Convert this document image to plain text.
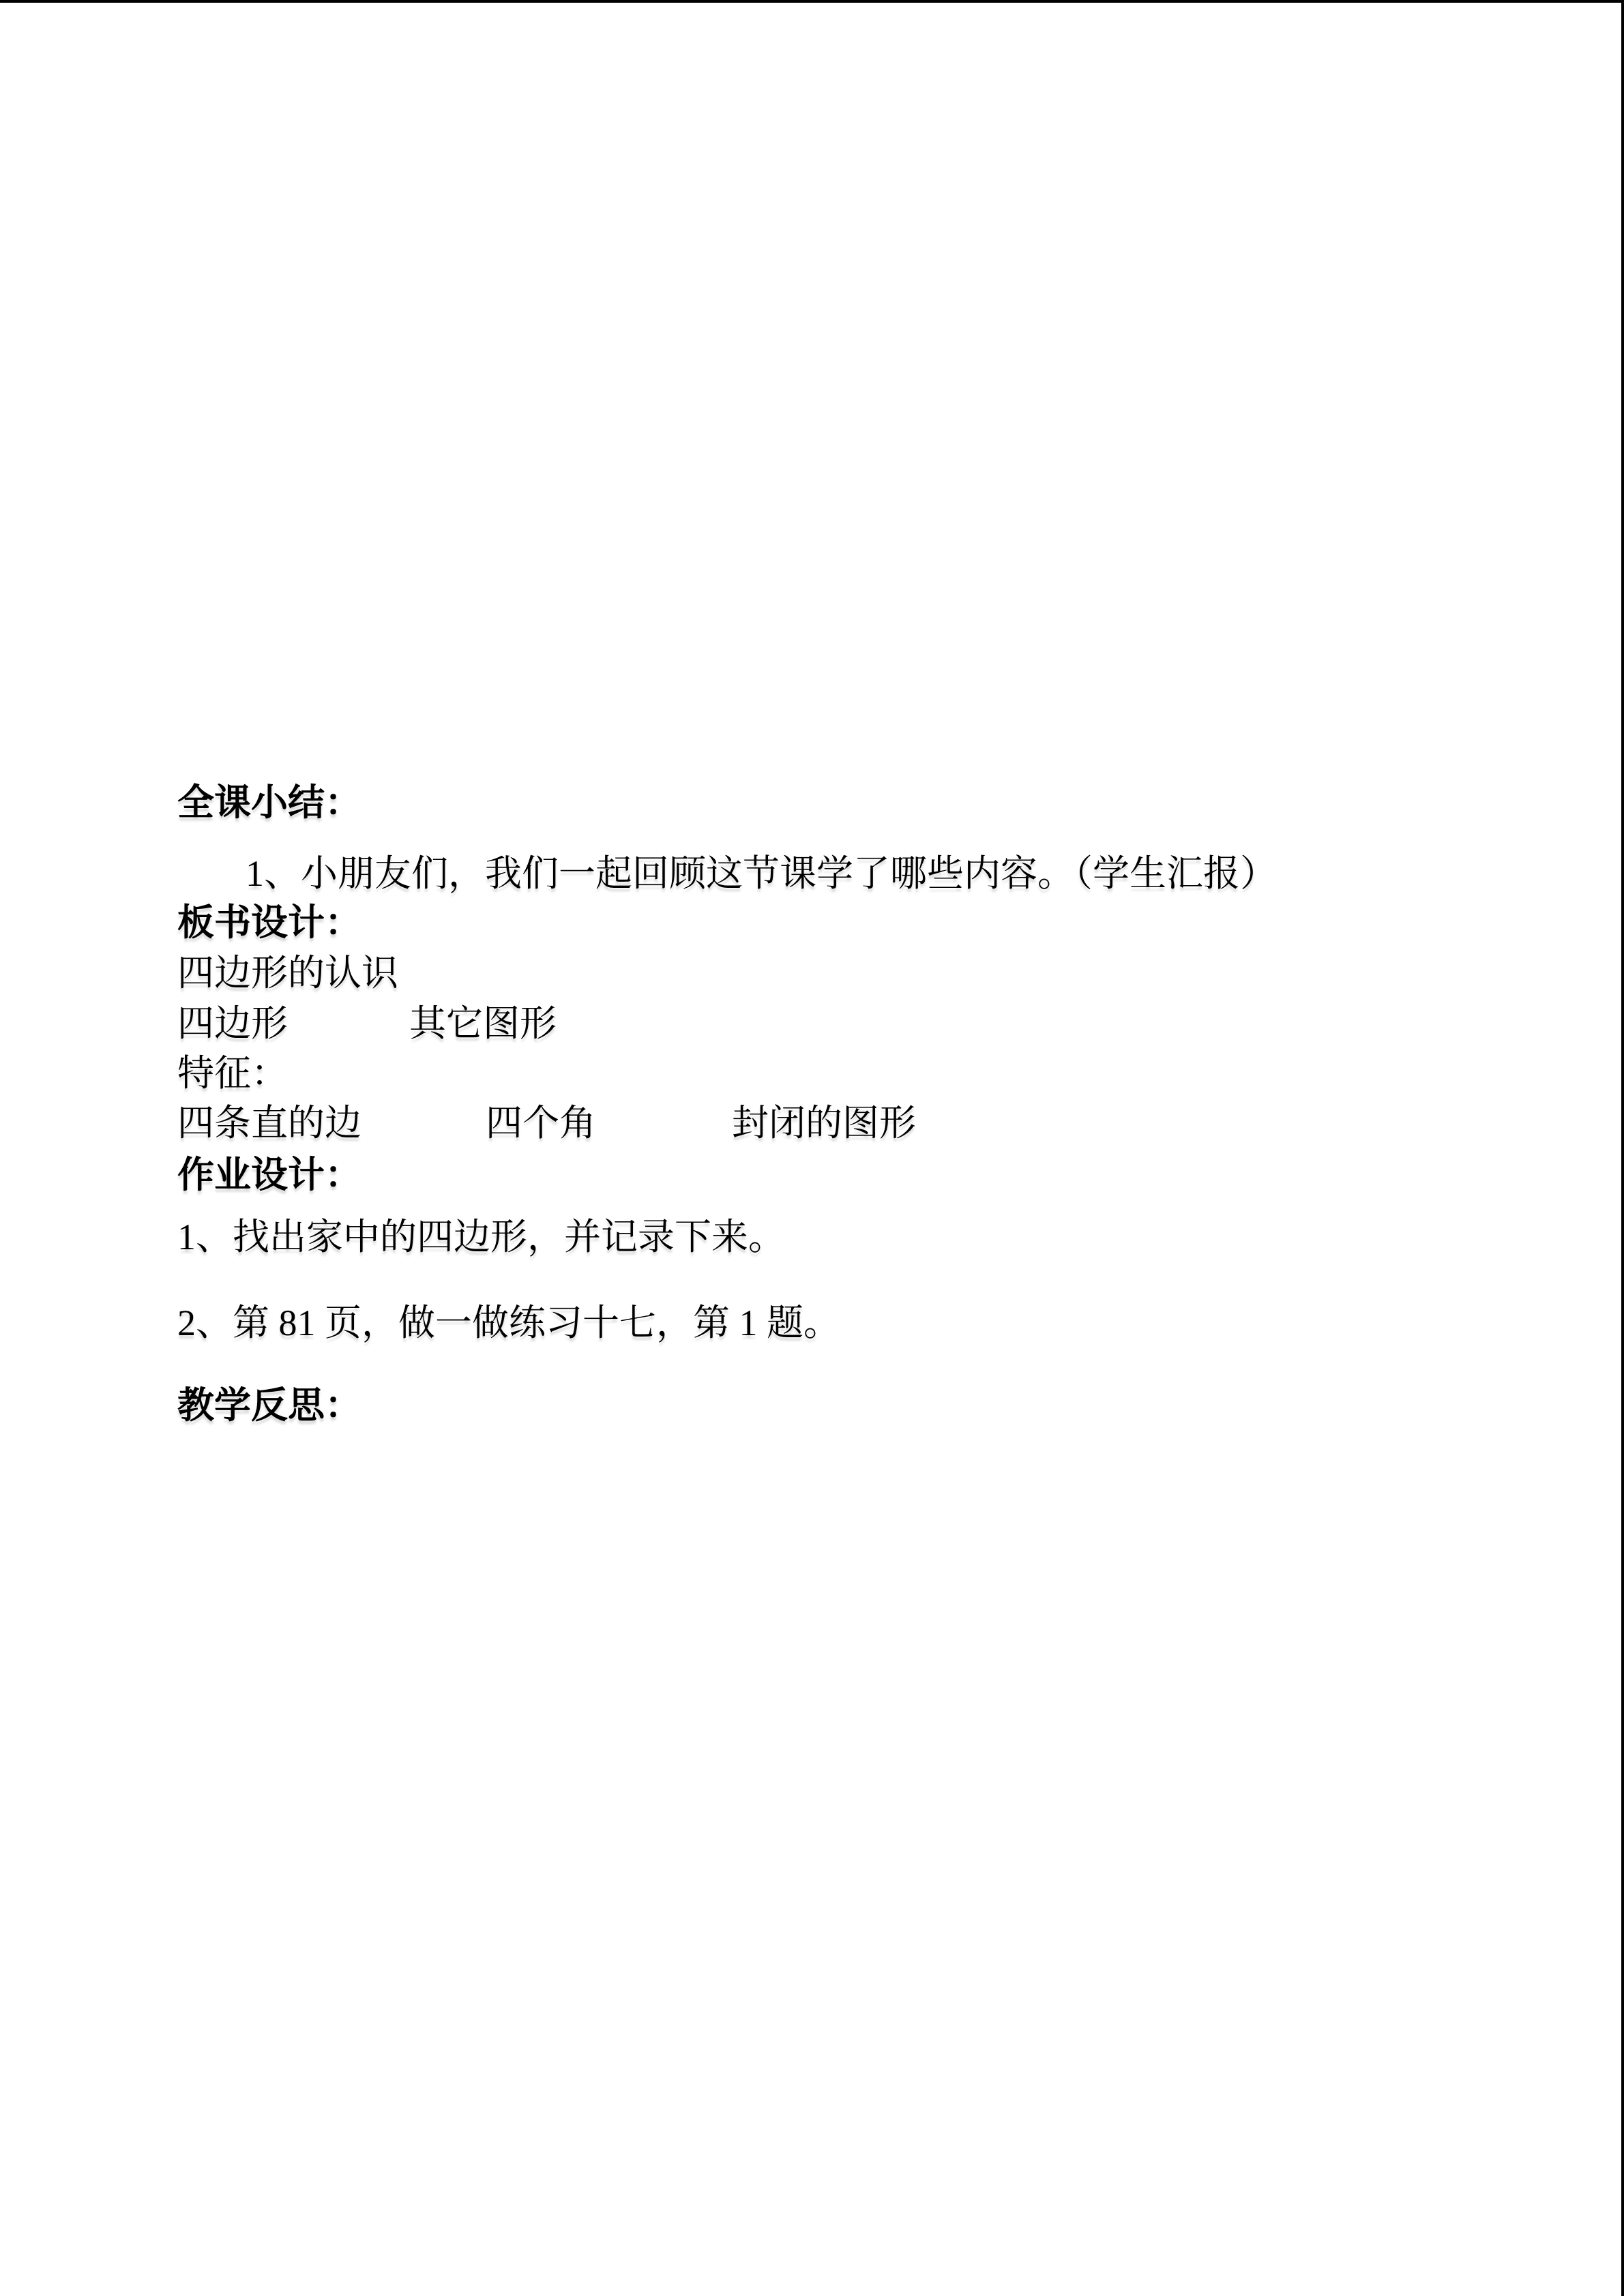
全课小结：
1、小朋友们，我们一起回顾这节课学了哪些内容。（学生汇报）
板书设计：
四边形的认识

四边形

	其它图形

特征：

四条直的边

	四个角

	封闭的图形

作业设计：
1、找出家中的四边形，并记录下来。
2、第 81 页，做一做练习十七，第 1 题。
教学反思：
